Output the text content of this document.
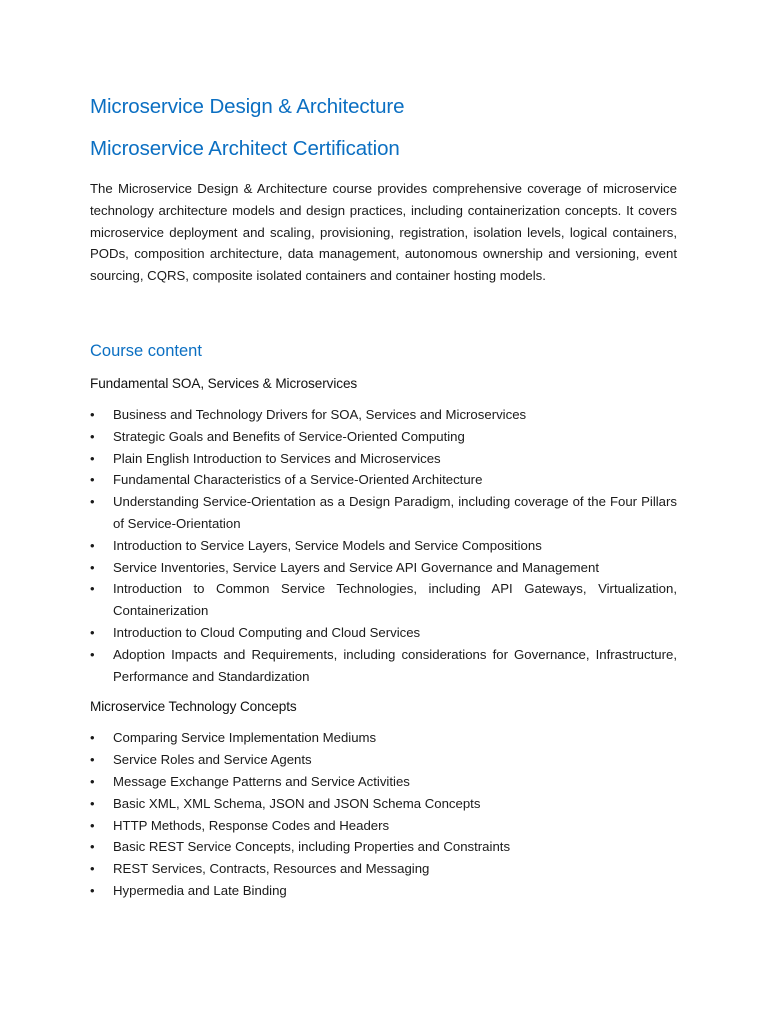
Microservice Design & Architecture
Microservice Architect Certification

The Microservice Design & Architecture course provides comprehensive coverage of microservice technology architecture models and design practices, including containerization concepts. It covers microservice deployment and scaling, provisioning, registration, isolation levels, logical containers, PODs, composition architecture, data management, autonomous ownership and versioning, event sourcing, CQRS, composite isolated containers and container hosting models.

Course content
Fundamental SOA, Services & Microservices
• Business and Technology Drivers for SOA, Services and Microservices
• Strategic Goals and Benefits of Service-Oriented Computing
• Plain English Introduction to Services and Microservices
• Fundamental Characteristics of a Service-Oriented Architecture
• Understanding Service-Orientation as a Design Paradigm, including coverage of the Four Pillars of Service-Orientation
• Introduction to Service Layers, Service Models and Service Compositions
• Service Inventories, Service Layers and Service API Governance and Management
• Introduction to Common Service Technologies, including API Gateways, Virtualization, Containerization
• Introduction to Cloud Computing and Cloud Services
• Adoption Impacts and Requirements, including considerations for Governance, Infrastructure, Performance and Standardization
Microservice Technology Concepts
• Comparing Service Implementation Mediums
• Service Roles and Service Agents
• Message Exchange Patterns and Service Activities
• Basic XML, XML Schema, JSON and JSON Schema Concepts
• HTTP Methods, Response Codes and Headers
• Basic REST Service Concepts, including Properties and Constraints
• REST Services, Contracts, Resources and Messaging
• Hypermedia and Late Binding
